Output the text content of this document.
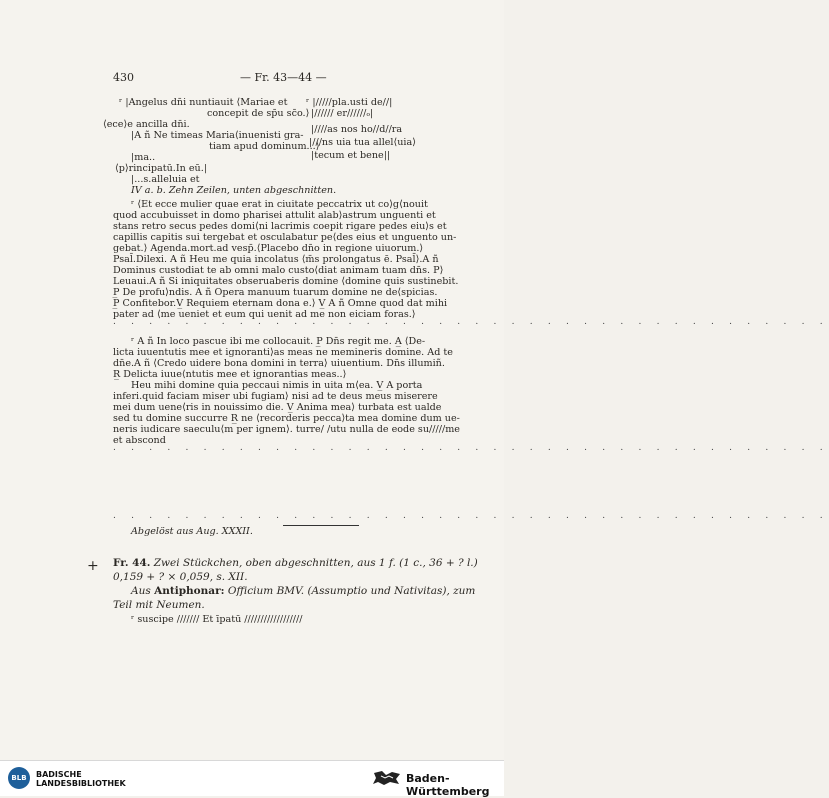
430	— Fr. 43—44 —
ʳ |Angelus dn̄i nuntiauit ⟨Mariae et ʳ |/////pla.usti de//|
concepit de sp̄u sc̄o.⟩ |////// er//////ₒ|
⟨ece⟩e ancilla dn̄i.
|A ñ Ne timeas Maria⟨inuenisti gra-
|////as nos ho//d//ra
tiam apud dominum...⟩
|///ns uia tua allel⟨uia⟩
|ma..	|tecum et bene||
⟨p⟩rincipatū.In eū.|
|...s.alleluia et
IV a. b. Zehn Zeilen, unten abgeschnitten.
ʳ ⟨Et ecce mulier quae erat in ciuitate peccatrix ut co⟩g⟨nouit
quod accubuisset in domo pharisei attulit alab⟩astrum unguenti et
stans retro secus pedes domi⟨ni lacrimis coepit rigare pedes eiu⟩s et
capillis capitis sui tergebat et osculabatur pe⟨des eius et unguento un-
gebat.⟩ Agenda.mort.ad vesp̄.⟨Placebo dn̄o in regione uiuorum.⟩
Psal̄.Dilexi. A ñ Heu me quia incolatus ⟨m̄s prolongatus ē. Psal̄⟩.A ñ
Dominus custodiat te ab omni malo custo⟨diat animam tuam dn̄s. P⟩
Leuaui.A ñ Si iniquitates obseruaberis domine ⟨domine quis sustinebit.
P̲ De profu⟩ndis. A ñ Opera manuum tuarum domine ne de⟨spicias.
P̲ Confitebor.V̲ Requiem eternam dona e.⟩ V̲ A ñ Omne quod dat mihi
pater ad ⟨me ueniet et eum qui uenit ad me non eiciam foras.⟩
ʳ A ñ In loco pascue ibi me collocauit. P̲ Dn̄s regit me. A̲ ⟨De-
licta iuuentutis mee et ignoranti⟩as meas ne memineris domine. Ad te
dn̄e.A ñ ⟨Credo uidere bona domini in terra⟩ uiuentium. Dn̄s illumiñ.
R̲ Delicta iuue⟨ntutis mee et ignorantias meas..⟩
Heu mihi domine quia peccaui nimis in uita m⟨ea. V̲ A porta
inferi.quid faciam miser ubi fugiam⟩ nisi ad te deus meus miserere
mei dum uene⟨ris in nouissimo die. V̲ Anima mea⟩ turbata est ualde
sed tu domine succurre R̲ ne ⟨recorderis pecca⟩ta mea domine dum ue-
neris iudicare saeculu⟨m per ignem⟩. turre/ /utu nulla de eode su/////me
et abscond
Abgelöst aus Aug. XXXII.
. . . . . . . . . . . . . . . . . . . . . . . . . . . . . . . . . . . . . . . .
. . . . . . . . . . . . . . . . . . . . . . . . . . . . . . . . . . . . . . . .
. . . . . . . . . . . . . . . . . . . . . . . . . . . . . . . . . . . . . . . .
+ Fr. 44. Zwei Stückchen, oben abgeschnitten, aus 1 f. (1 c., 36 + ? l.)
0,159 + ? × 0,059, s. XII.
Aus Antiphonar: Officium BMV. (Assumptio und Nativitas), zum
Teil mit Neumen.
ʳ suscipe /////// Et īpatū //////////////////
BLB	BADISCHE
LANDESBIBLIOTHEK	Baden-Württemberg
